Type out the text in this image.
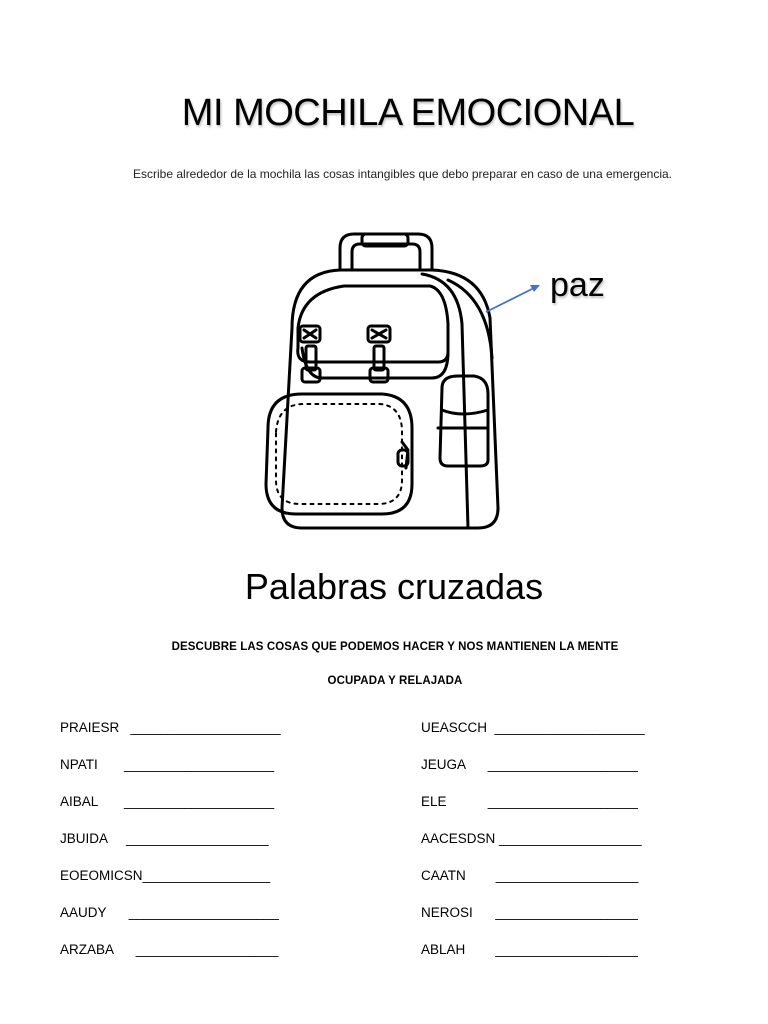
MI MOCHILA EMOCIONAL
Escribe alrededor de la mochila las cosas intangibles que debo preparar en caso de una emergencia.
paz
Palabras cruzadas
DESCUBRE LAS COSAS QUE PODEMOS HACER Y NOS MANTIENEN LA MENTE
OCUPADA Y RELAJADA
PRAIESR   ____________________
NPATI       ____________________
AIBAL       ____________________
JBUIDA     ___________________
EOEOMICSN_________________
AAUDY      ____________________
ARZABA      ___________________
UEASCCH  ____________________
JEUGA      ____________________
ELE           ____________________
AACESDSN ___________________
CAATN        ___________________
NEROSI      ___________________
ABLAH        ___________________
